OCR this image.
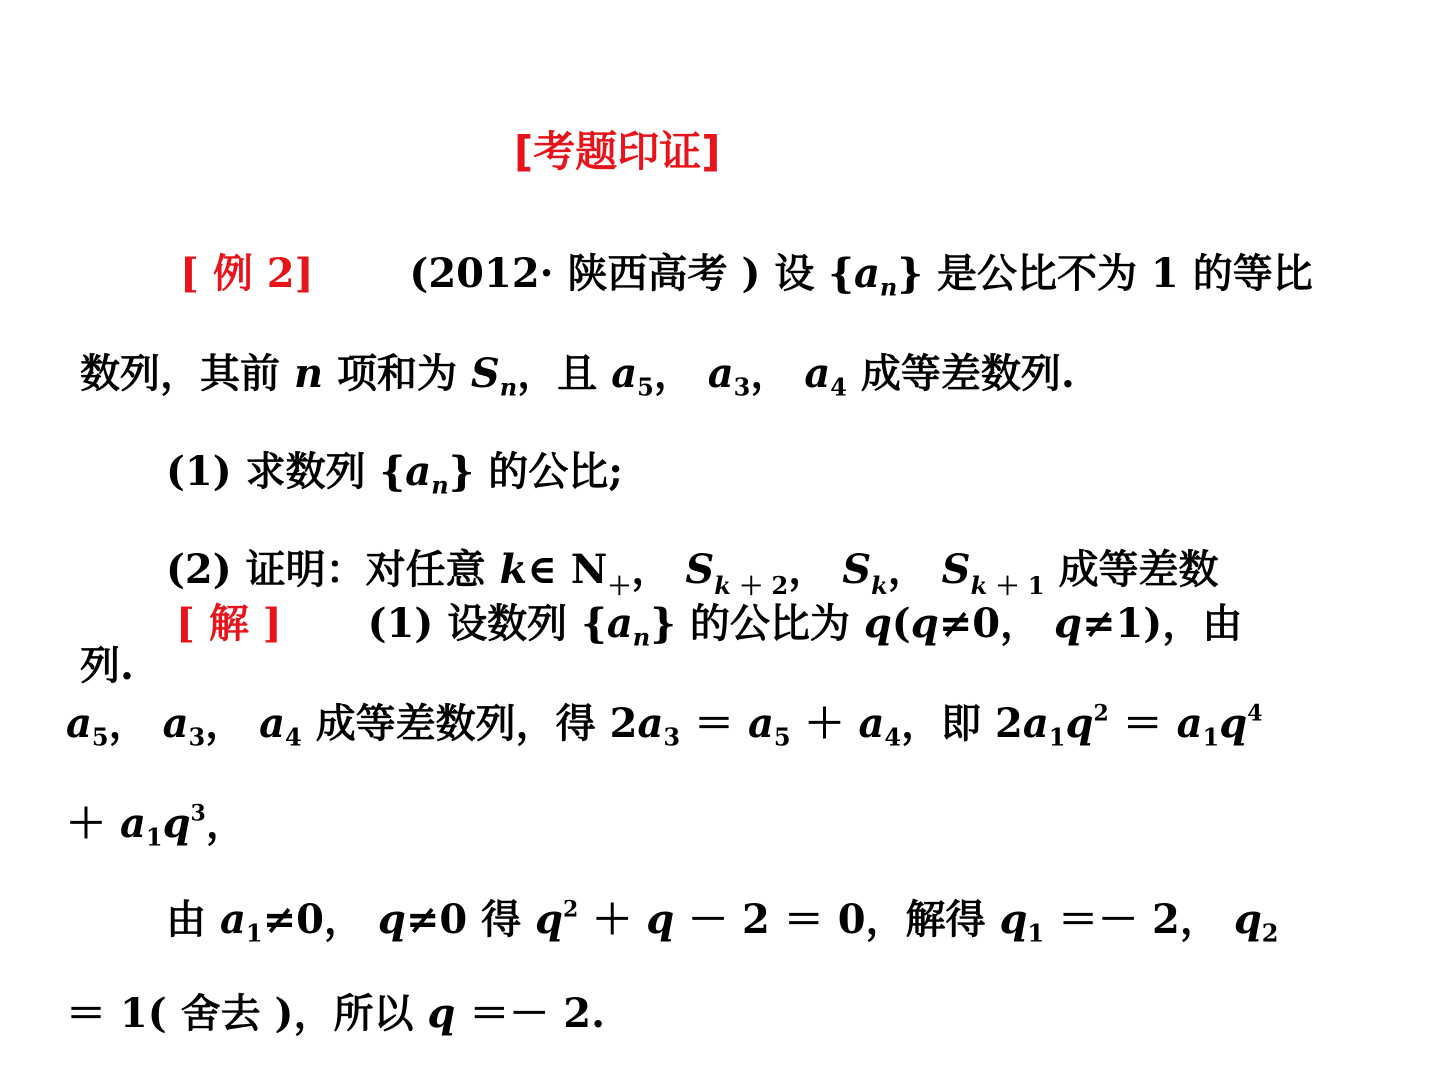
[考题印证]
[ 例 2] (2012· 陕西高考 ) 设 $\{a_n\}$ 是公比不为 1 的等比
数列，其前 n 项和为 $S_n$，且 $a_5$， $a_3$， $a_4$ 成等差数列.
(1) 求数列 $\{a_n\}$ 的公比;
(2) 证明：对任意 k∈ $N_+$， $S_{k + 2}$， $S_k$， $S_{k + 1}$ 成等差数
列.
[ 解 ] (1) 设数列 $\{a_n\}$ 的公比为 q(q≠0， q≠1)，由
$a_5$， $a_3$， $a_4$ 成等差数列，得 $2a_3 = a_5 + a_4$，即 $2a_1q^2 = a_1q^4$
＋ $a_1q^3$，
由 $a_1\ne 0$， q≠0 得 $q^2 + q - 2 = 0$，解得 $q_1 =- 2$， $q_2$
＝ 1( 舍去 )，所以 q ＝－ 2.
